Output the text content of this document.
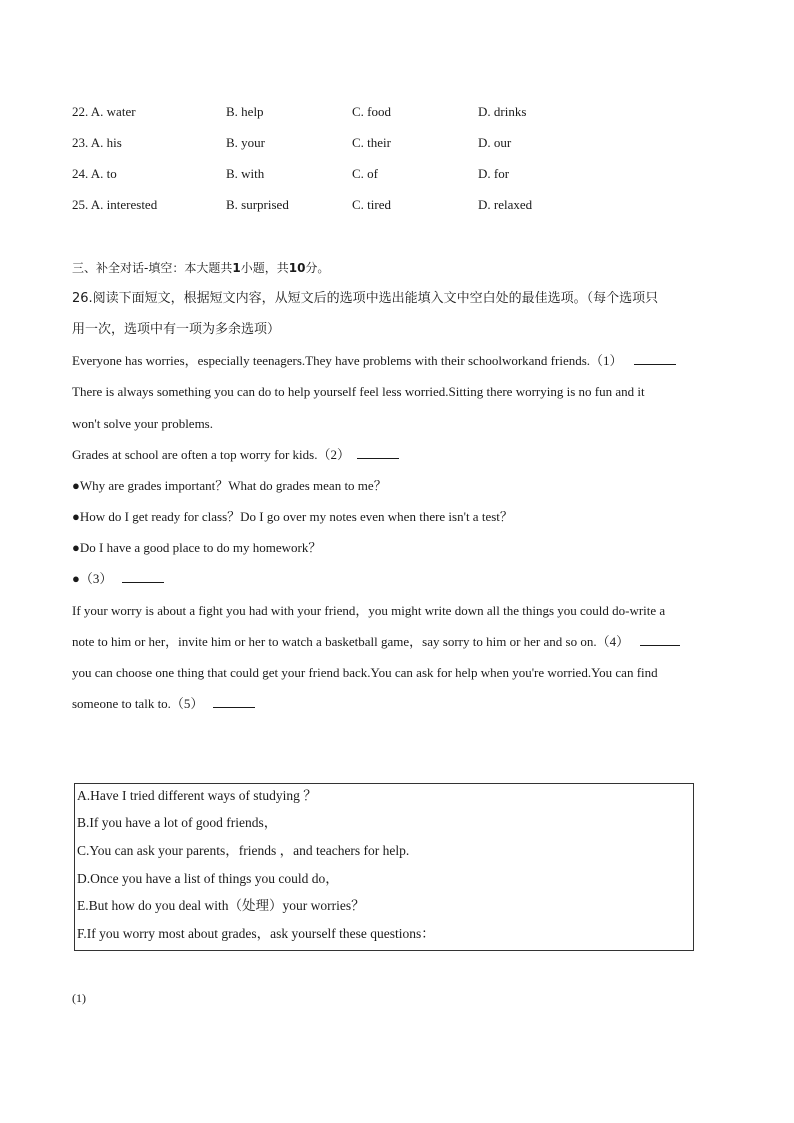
22. A. water	B. help	C. food	D. drinks
23. A. his	B. your	C. their	D. our
24. A. to	B. with	C. of	D. for
25. A. interested	B. surprised	C. tired	D. relaxed
三、补全对话-填空：本大题共1小题，共10分。
26.阅读下面短文，根据短文内容，从短文后的选项中选出能填入文中空白处的最佳选项。（每个选项只
用一次，选项中有一项为多余选项）
Everyone has worries，especially teenagers.They have problems with their schoolworkand friends.（1）
There is always something you can do to help yourself feel less worried.Sitting there worrying is no fun and it
won't solve your problems.
Grades at school are often a top worry for kids.（2）
●Why are grades important？What do grades mean to me？
●How do I get ready for class？Do I go over my notes even when there isn't a test？
●Do I have a good place to do my homework？
●（3）
If your worry is about a fight you had with your friend，you might write down all the things you could do-write a
note to him or her，invite him or her to watch a basketball game，say sorry to him or her and so on.（4）
you can choose one thing that could get your friend back.You can ask for help when you're worried.You can find
someone to talk to.（5）
A.Have I tried different ways of studying ？
B.If you have a lot of good friends，
C.You can ask your parents，friends ，and teachers for help.
D.Once you have a list of things you could do，
E.But how do you deal with（处理）your worries？
F.If you worry most about grades，ask yourself these questions：
(1)
